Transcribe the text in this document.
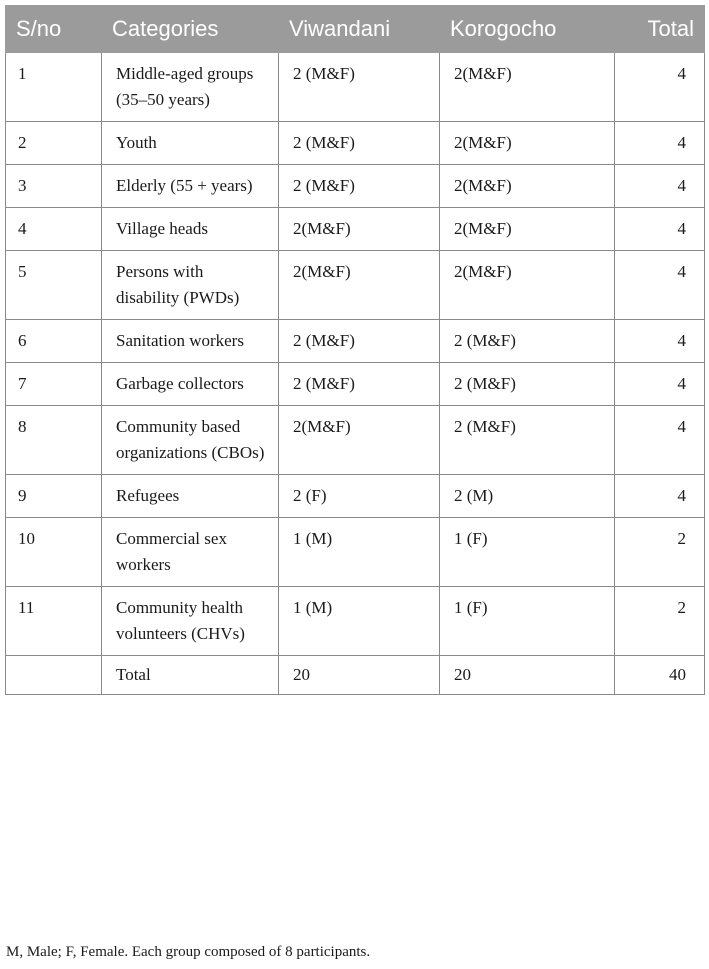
S/no	Categories	Viwandani	Korogocho	Total
1	Middle-aged groups (35–50 years)	2 (M&F)	2(M&F)	4
2	Youth	2 (M&F)	2(M&F)	4
3	Elderly (55 + years)	2 (M&F)	2(M&F)	4
4	Village heads	2(M&F)	2(M&F)	4
5	Persons with disability (PWDs)	2(M&F)	2(M&F)	4
6	Sanitation workers	2 (M&F)	2 (M&F)	4
7	Garbage collectors	2 (M&F)	2 (M&F)	4
8	Community based organizations (CBOs)	2(M&F)	2 (M&F)	4
9	Refugees	2 (F)	2 (M)	4
10	Commercial sex workers	1 (M)	1 (F)	2
11	Community health volunteers (CHVs)	1 (M)	1 (F)	2
	Total	20	20	40
M, Male; F, Female. Each group composed of 8 participants.
